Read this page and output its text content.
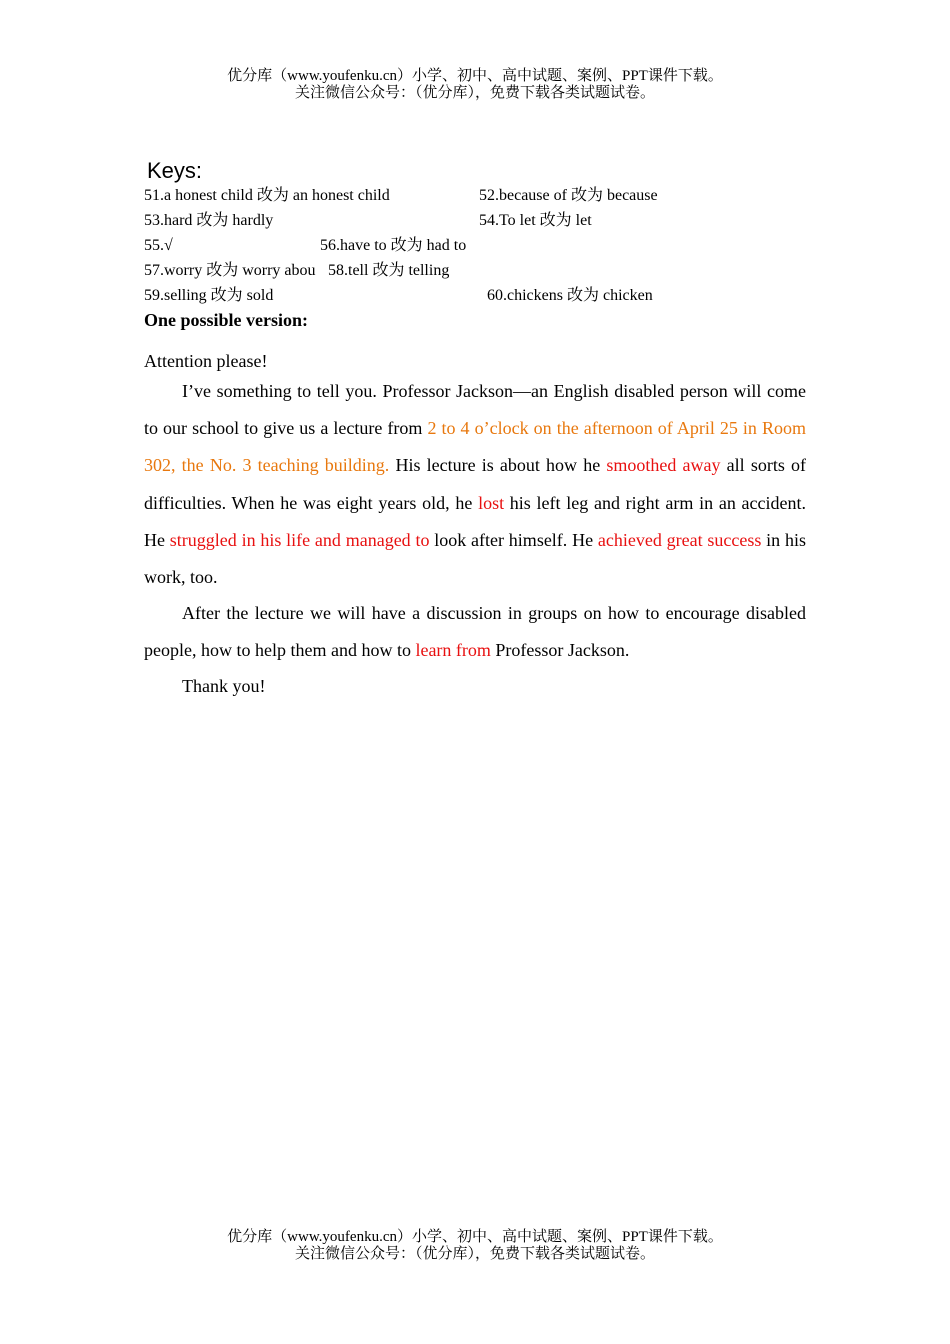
优分库（www.youfenku.cn）小学、初中、高中试题、案例、PPT课件下载。
关注微信公众号：（优分库），免费下载各类试题试卷。
Keys:
51.a honest child 改为 an honest child	52.because of 改为 because
53.hard 改为 hardly	54.To let 改为 let
55.√	56.have to 改为 had to
57.worry 改为 worry abou 58.tell 改为 telling
59.selling 改为 sold	60.chickens 改为 chicken
One possible version:
Attention please!
I’ve something to tell you. Professor Jackson—an English disabled person will come to our school to give us a lecture from 2 to 4 o’clock on the afternoon of April 25 in Room 302, the No. 3 teaching building. His lecture is about how he smoothed away all sorts of difficulties. When he was eight years old, he lost his left leg and right arm in an accident. He struggled in his life and managed to look after himself. He achieved great success in his work, too.
After the lecture we will have a discussion in groups on how to encourage disabled people, how to help them and how to learn from Professor Jackson.
Thank you!
优分库（www.youfenku.cn）小学、初中、高中试题、案例、PPT课件下载。
关注微信公众号：（优分库），免费下载各类试题试卷。
